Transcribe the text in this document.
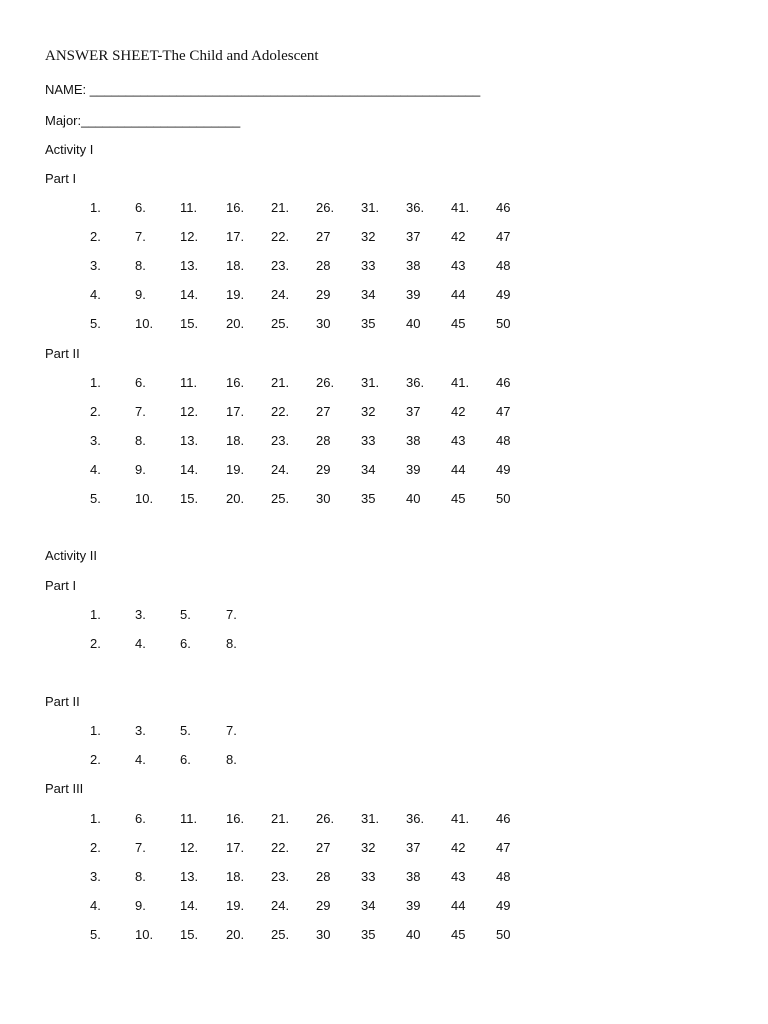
ANSWER SHEET-The Child and Adolescent
NAME: ______________________________________________________
Major:______________________
Activity I
Part I
1.	6.	11. 16. 21. 26. 31. 36. 41. 46
2.	7.	12. 17. 22. 27 32 37 42 47
3.	8.	13. 18. 23. 28 33 38 43 48
4.	9.	14. 19. 24. 29 34 39 44 49
5.	10. 15. 20. 25. 30 35 40 45 50
Part II
1.	6.	11. 16. 21. 26. 31. 36. 41. 46
2.	7.	12. 17. 22. 27 32 37 42 47
3.	8.	13. 18. 23. 28 33 38 43 48
4.	9.	14. 19. 24. 29 34 39 44 49
5.	10. 15. 20. 25. 30 35 40 45 50
Activity II
Part I
1.	3.	5.	7.
2.	4.	6.	8.
Part II
1.	3.	5.	7.
2.	4.	6.	8.
Part III
1.	6.	11. 16. 21. 26. 31. 36. 41. 46
2.	7.	12. 17. 22. 27 32 37 42 47
3.	8.	13. 18. 23. 28 33 38 43 48
4.	9.	14. 19. 24. 29 34 39 44 49
5.	10. 15. 20. 25. 30 35 40 45 50
